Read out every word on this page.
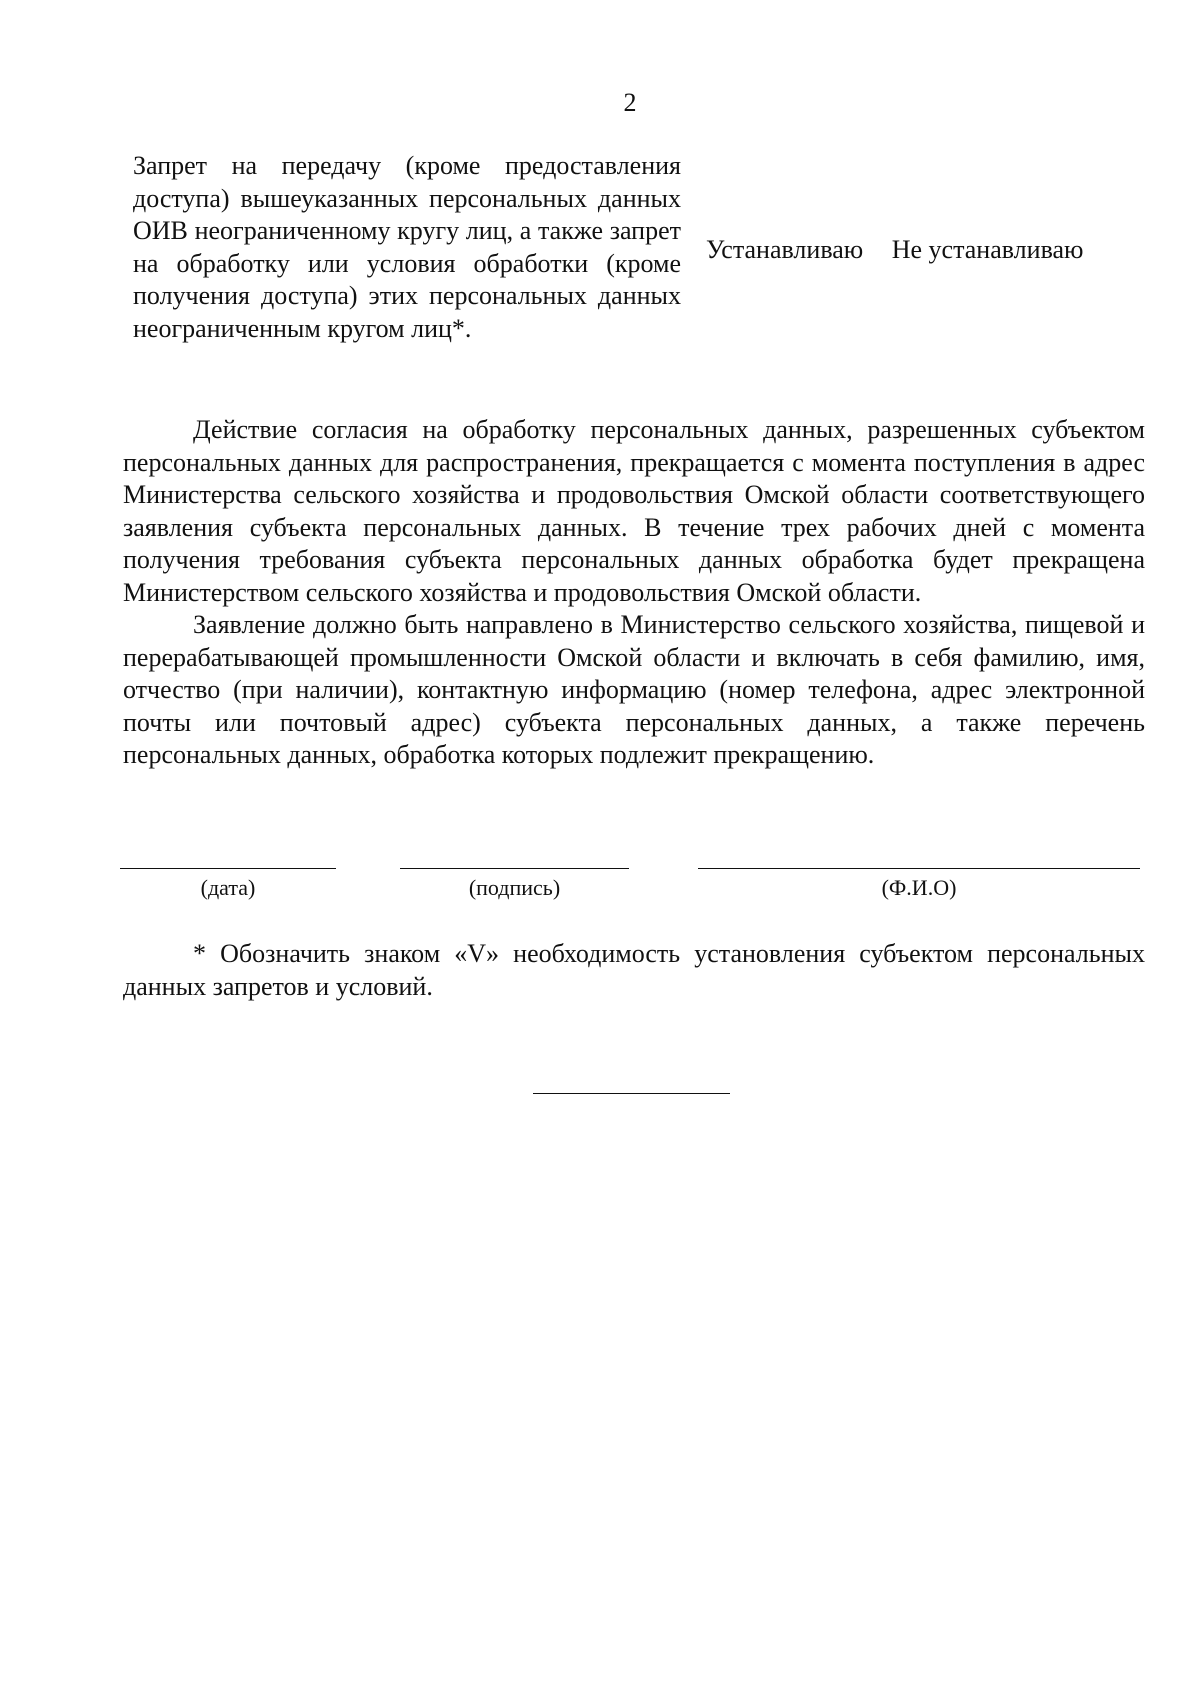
2
Запрет на передачу (кроме предоставления доступа) вышеуказанных персональных данных ОИВ неограниченному кругу лиц, а также запрет на обработку или условия обработки (кроме получения доступа) этих персональных данных неограниченным кругом лиц*.
Устанавливаю Не устанавливаю

Действие согласия на обработку персональных данных, разрешенных субъектом персональных данных для распространения, прекращается с момента поступления в адрес Министерства сельского хозяйства и продовольствия Омской области соответствующего заявления субъекта персональных данных. В течение трех рабочих дней с момента получения требования субъекта персональных данных обработка будет прекращена Министерством сельского хозяйства и продовольствия Омской области.

Заявление должно быть направлено в Министерство сельского хозяйства, пищевой и перерабатывающей промышленности Омской области и включать в себя фамилию, имя, отчество (при наличии), контактную информацию (номер телефона, адрес электронной почты или почтовый адрес) субъекта персональных данных, а также перечень персональных данных, обработка которых подлежит прекращению.

(дата)	(подпись)	(Ф.И.О)
* Обозначить знаком «V» необходимость установления субъектом персональных данных запретов и условий.
